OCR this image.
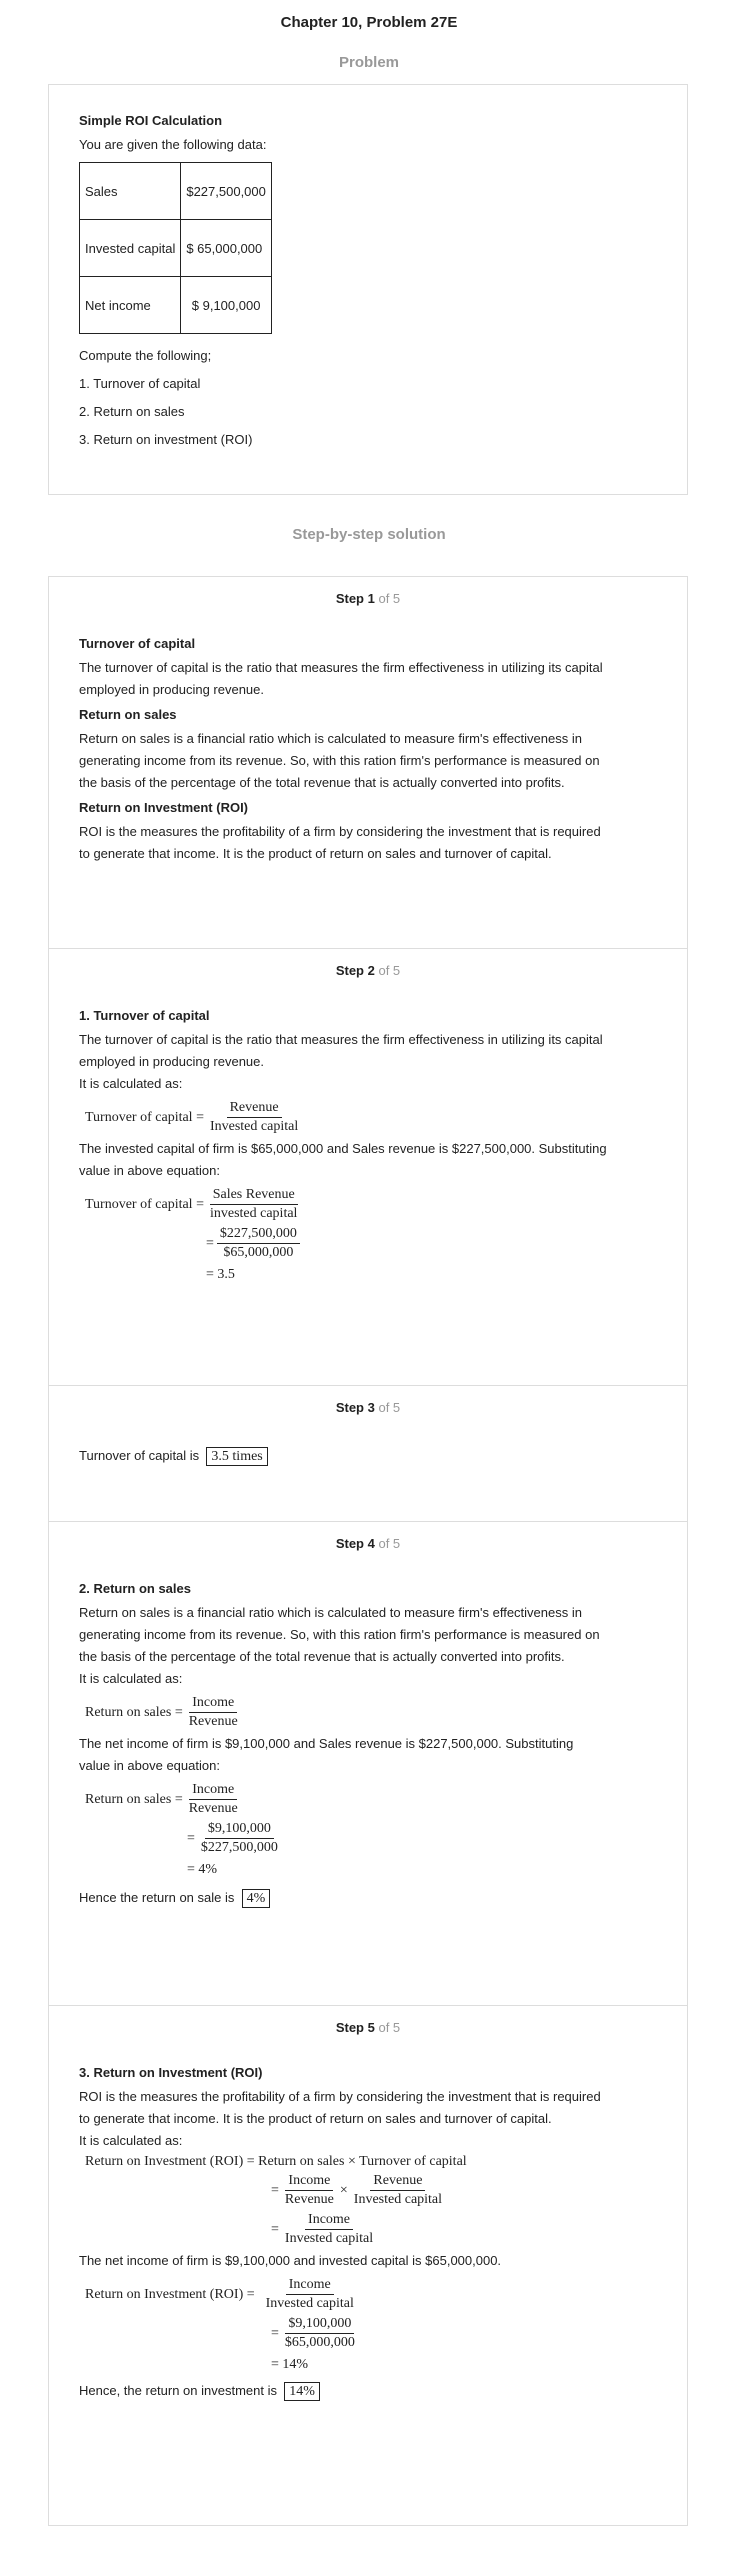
Chapter 10, Problem 27E
Problem
Simple ROI Calculation

You are given the following data:

Sales	$227,500,000
Invested capital	$ 65,000,000
Net income	$ 9,100,000

Compute the following;

1. Turnover of capital

2. Return on sales

3. Return on investment (ROI)

Step-by-step solution
Step 1 of 5
Turnover of capital

The turnover of capital is the ratio that measures the firm effectiveness in utilizing its capital

employed in producing revenue.

Return on sales

Return on sales is a financial ratio which is calculated to measure firm's effectiveness in

generating income from its revenue. So, with this ration firm's performance is measured on

the basis of the percentage of the total revenue that is actually converted into profits.

Return on Investment (ROI)

ROI is the measures the profitability of a firm by considering the investment that is required

to generate that income. It is the product of return on sales and turnover of capital.

Step 2 of 5
1. Turnover of capital

The turnover of capital is the ratio that measures the firm effectiveness in utilizing its capital

employed in producing revenue.

It is calculated as:

Turnover of capital = $\frac{\text{Revenue}}{\text{Invested capital}}$

The invested capital of firm is $65,000,000 and Sales revenue is $227,500,000. Substituting

value in above equation:

Turnover of capital = $\frac{\text{Sales Revenue}}{\text{invested capital}}$
= $\frac{\$227,500,000}{\$65,000,000}$
= 3.5
Step 3 of 5

Turnover of capital is 3.5 times

Step 4 of 5
2. Return on sales

Return on sales is a financial ratio which is calculated to measure firm's effectiveness in

generating income from its revenue. So, with this ration firm's performance is measured on

the basis of the percentage of the total revenue that is actually converted into profits.

It is calculated as:

Return on sales = $\frac{\text{Income}}{\text{Revenue}}$

The net income of firm is $9,100,000 and Sales revenue is $227,500,000. Substituting

value in above equation:

Return on sales = $\frac{\text{Income}}{\text{Revenue}}$
= $\frac{\$9,100,000}{\$227,500,000}$
= 4%

Hence the return on sale is 4%

Step 5 of 5
3. Return on Investment (ROI)

ROI is the measures the profitability of a firm by considering the investment that is required

to generate that income. It is the product of return on sales and turnover of capital.

It is calculated as:

Return on Investment (ROI) =
Return on sales × Turnover of capital
= $\frac{\text{Income}}{\text{Revenue}} \times \frac{\text{Revenue}}{\text{Invested capital}}$
= $\frac{\text{Income}}{\text{Invested capital}}$

The net income of firm is $9,100,000 and invested capital is $65,000,000.

Return on Investment $(ROI) = \frac{\text{Income}}{\text{Invested capital}}$
= $\frac{\$9,100,000}{\$65,000,000}$
= 14%

Hence, the return on investment is 14%
